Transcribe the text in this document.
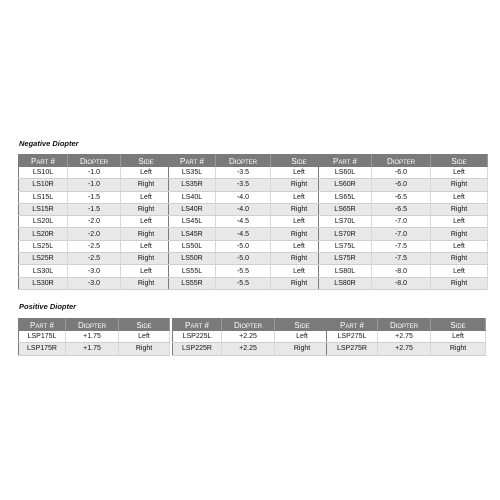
Negative Diopter
Part #	Diopter	Side
LS10L	-1.0	Left
LS10R	-1.0	Right
LS15L	-1.5	Left
LS15R	-1.5	Right
LS20L	-2.0	Left
LS20R	-2.0	Right
LS25L	-2.5	Left
LS25R	-2.5	Right
LS30L	-3.0	Left
LS30R	-3.0	Right
Part #	Diopter	Side
LS35L	-3.5	Left
LS35R	-3.5	Right
LS40L	-4.0	Left
LS40R	-4.0	Right
LS45L	-4.5	Left
LS45R	-4.5	Right
LS50L	-5.0	Left
LS50R	-5.0	Right
LS55L	-5.5	Left
LS55R	-5.5	Right
Part #	Diopter	Side
LS60L	-6.0	Left
LS60R	-6.0	Right
LS65L	-6.5	Left
LS65R	-6.5	Right
LS70L	-7.0	Left
LS70R	-7.0	Right
LS75L	-7.5	Left
LS75R	-7.5	Right
LS80L	-8.0	Left
LS80R	-8.0	Right
Positive Diopter
Part #	Diopter	Side
LSP175L	+1.75	Left
LSP175R	+1.75	Right
Part #	Diopter	Side
LSP225L	+2.25	Left
LSP225R	+2.25	Right
Part #	Diopter	Side
LSP275L	+2.75	Left
LSP275R	+2.75	Right
